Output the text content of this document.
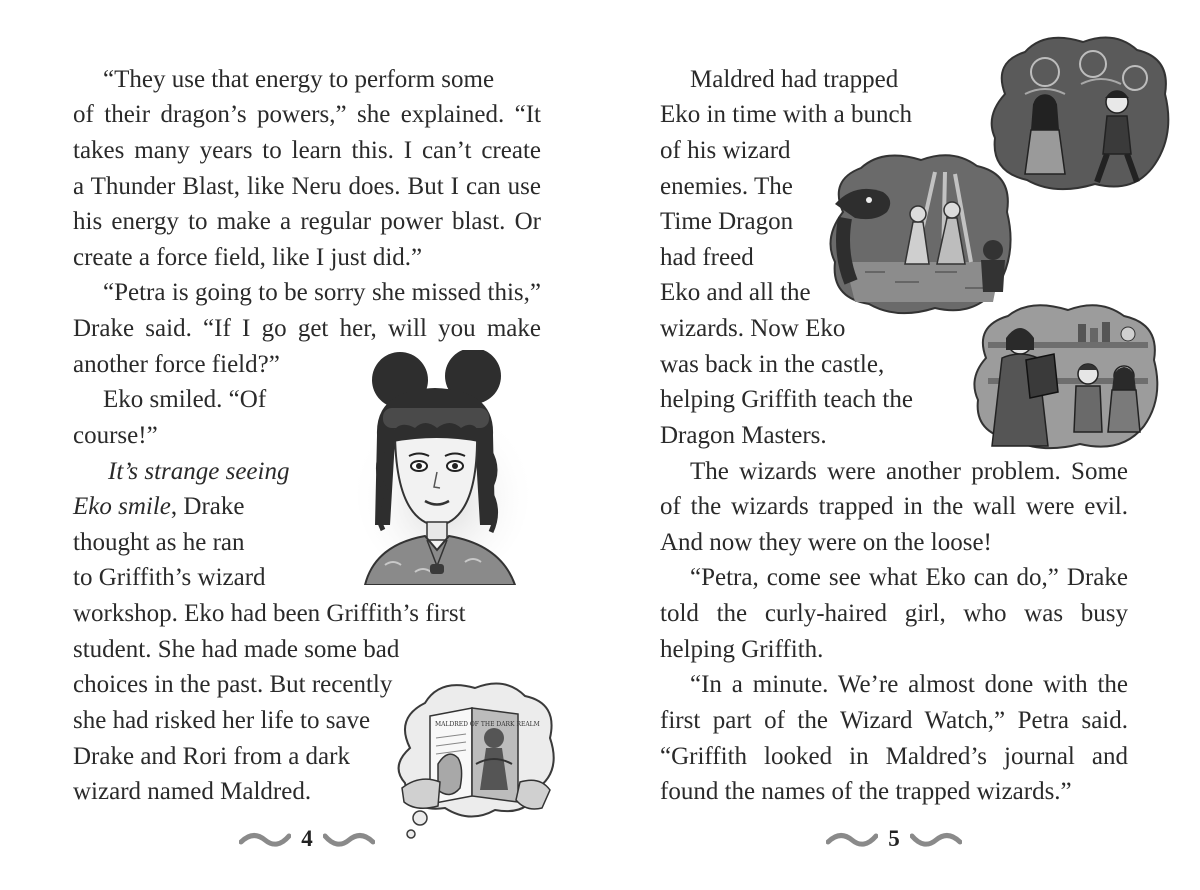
“They use that energy to perform some
of their dragon’s powers,” she explained. “It
takes many years to learn this. I can’t create
a Thunder Blast, like Neru does. But I can use
his energy to make a regular power blast. Or
create a force field, like I just did.”
“Petra is going to be sorry she missed this,”
Drake said. “If I go get her, will you make
another force field?”
Eko smiled. “Of
course!”
It’s strange seeing
Eko smile, Drake
thought as he ran
to Griffith’s wizard
workshop. Eko had been Griffith’s first
student. She had made some bad
choices in the past. But recently
she had risked her life to save
Drake and Rori from a dark
wizard named Maldred.
MALDRED OF THE DARK REALM
4
Maldred had trapped
Eko in time with a bunch
of his wizard
enemies. The
Time Dragon
had freed
Eko and all the
wizards. Now Eko
was back in the castle,
helping Griffith teach the
Dragon Masters.
The wizards were another problem. Some
of the wizards trapped in the wall were evil.
And now they were on the loose!
“Petra, come see what Eko can do,” Drake
told the curly-haired girl, who was busy
helping Griffith.
“In a minute. We’re almost done with the
first part of the Wizard Watch,” Petra said.
“Griffith looked in Maldred’s journal and
found the names of the trapped wizards.”
5
